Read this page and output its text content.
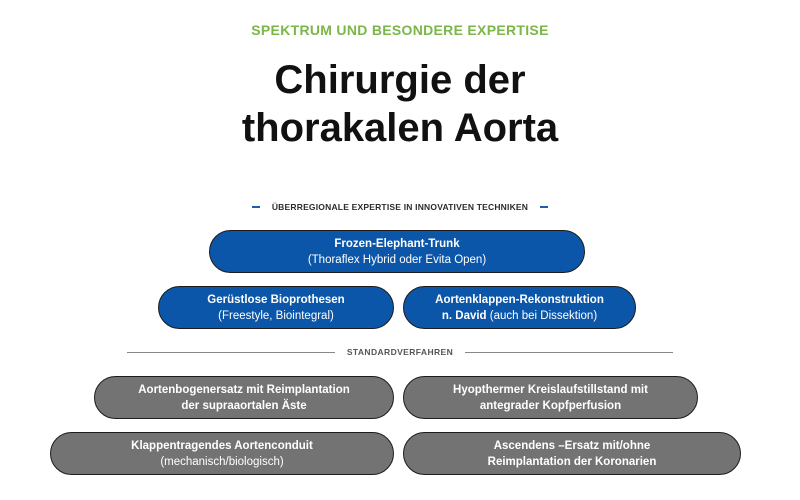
SPEKTRUM UND BESONDERE EXPERTISE
Chirurgie der
thorakalen Aorta
ÜBERREGIONALE EXPERTISE IN INNOVATIVEN TECHNIKEN
Frozen-Elephant-Trunk
(Thoraflex Hybrid oder Evita Open)
Gerüstlose Bioprothesen
(Freestyle, Biointegral)
Aortenklappen-Rekonstruktion
n. David (auch bei Dissektion)
STANDARDVERFAHREN
Aortenbogenersatz mit Reimplantation
der supraaortalen Äste
Hyopthermer Kreislaufstillstand mit
antegrader Kopfperfusion
Klappentragendes Aortenconduit
(mechanisch/biologisch)
Ascendens –Ersatz mit/ohne
Reimplantation der Koronarien
